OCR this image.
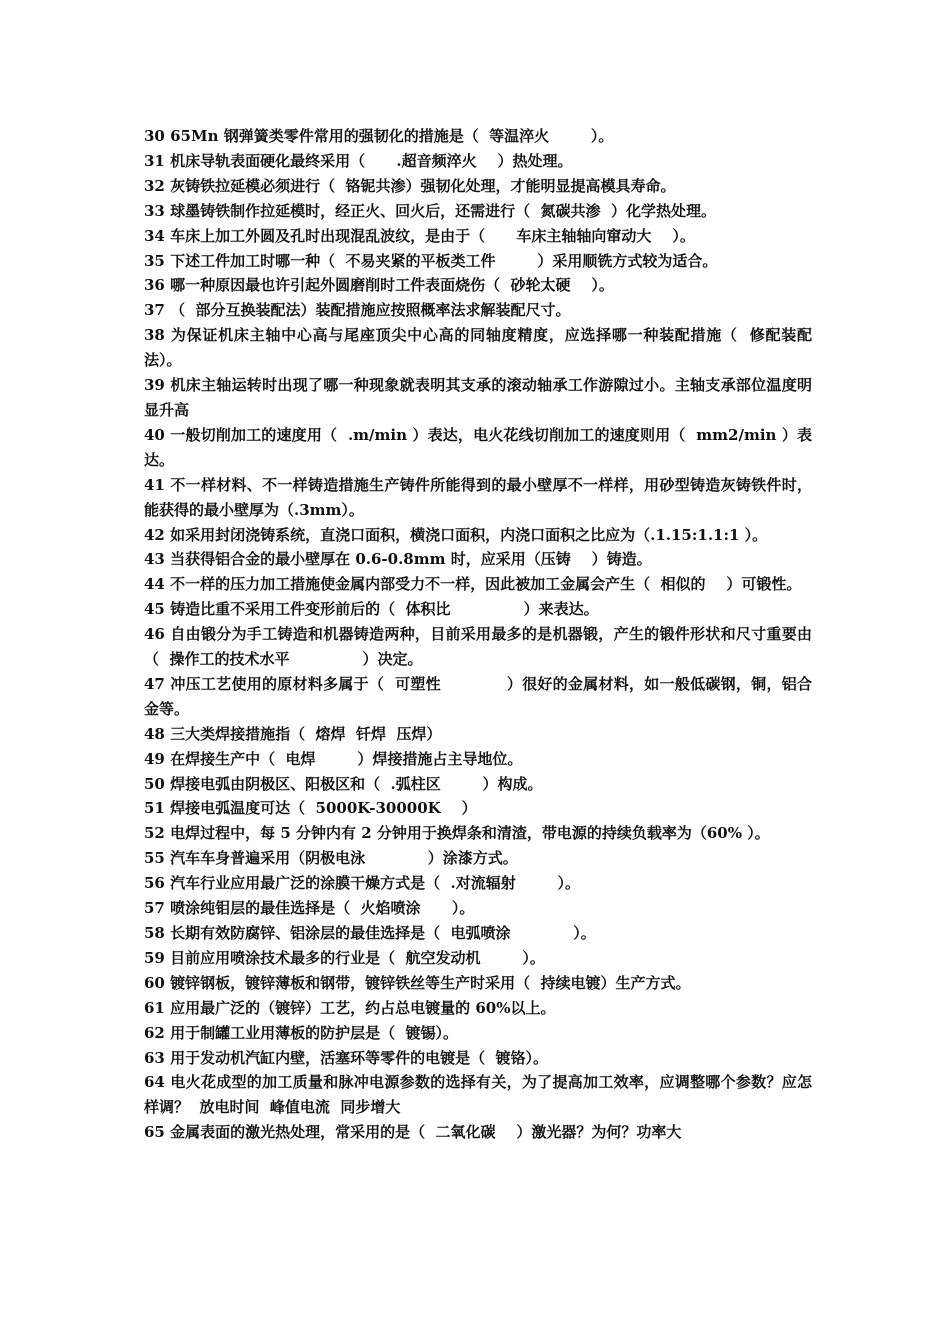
30 65Mn 钢弹簧类零件常用的强韧化的措施是（  等温淬火        ）。

31 机床导轨表面硬化最终采用（      .超音频淬火    ）热处理。

32 灰铸铁拉延模必须进行（  铬铌共渗）强韧化处理，才能明显提高模具寿命。

33 球墨铸铁制作拉延模时，经正火、回火后，还需进行（  氮碳共渗  ）化学热处理。

34 车床上加工外圆及孔时出现混乱波纹，是由于（      车床主轴轴向窜动大    ）。

35 下述工件加工时哪一种（  不易夹紧的平板类工件        ）采用顺铣方式较为适合。

36 哪一种原因最也许引起外圆磨削时工件表面烧伤（  砂轮太硬    ）。

37 （  部分互换装配法）装配措施应按照概率法求解装配尺寸。

38 为保证机床主轴中心高与尾座顶尖中心高的同轴度精度，应选择哪一种装配措施（  修配装配法）。

39 机床主轴运转时出现了哪一种现象就表明其支承的滚动轴承工作游隙过小。主轴支承部位温度明显升高

40 一般切削加工的速度用（  .m/min ）表达，电火花线切削加工的速度则用（  mm2/min ）表达。

41 不一样材料、不一样铸造措施生产铸件所能得到的最小壁厚不一样样，用砂型铸造灰铸铁件时，能获得的最小壁厚为（.3mm）。

42 如采用封闭浇铸系统，直浇口面积，横浇口面积，内浇口面积之比应为（.1.15:1.1:1 ）。

43 当获得铝合金的最小壁厚在 0.6-0.8mm 时，应采用（压铸    ）铸造。

44 不一样的压力加工措施使金属内部受力不一样，因此被加工金属会产生（  相似的    ）可锻性。

45 铸造比重不采用工件变形前后的（  体积比              ）来表达。

46 自由锻分为手工铸造和机器铸造两种，目前采用最多的是机器锻，产生的锻件形状和尺寸重要由（  操作工的技术水平              ）决定。

47 冲压工艺使用的原材料多属于（  可塑性            ）很好的金属材料，如一般低碳钢，铜，铝合金等。

48 三大类焊接措施指（  熔焊  钎焊  压焊）

49 在焊接生产中（  电焊        ）焊接措施占主导地位。

50 焊接电弧由阴极区、阳极区和（  .弧柱区        ）构成。

51 焊接电弧温度可达（  5000K-30000K    ）

52 电焊过程中，每 5 分钟内有 2 分钟用于换焊条和清渣，带电源的持续负载率为（60% ）。

55 汽车车身普遍采用（阴极电泳            ）涂漆方式。

56 汽车行业应用最广泛的涂膜干燥方式是（  .对流辐射        ）。

57 喷涂纯钼层的最佳选择是（  火焰喷涂      ）。

58 长期有效防腐锌、铝涂层的最佳选择是（  电弧喷涂            ）。

59 目前应用喷涂技术最多的行业是（  航空发动机        ）。

60 镀锌钢板，镀锌薄板和钢带，镀锌铁丝等生产时采用（  持续电镀）生产方式。

61 应用最广泛的（镀锌）工艺，约占总电镀量的 60%以上。

62 用于制罐工业用薄板的防护层是（  镀锡）。

63 用于发动机汽缸内壁，活塞环等零件的电镀是（  镀铬）。

64 电火花成型的加工质量和脉冲电源参数的选择有关，为了提高加工效率，应调整哪个参数？应怎样调？  放电时间  峰值电流  同步增大

65 金属表面的激光热处理，常采用的是（  二氧化碳    ）激光器？为何？功率大
